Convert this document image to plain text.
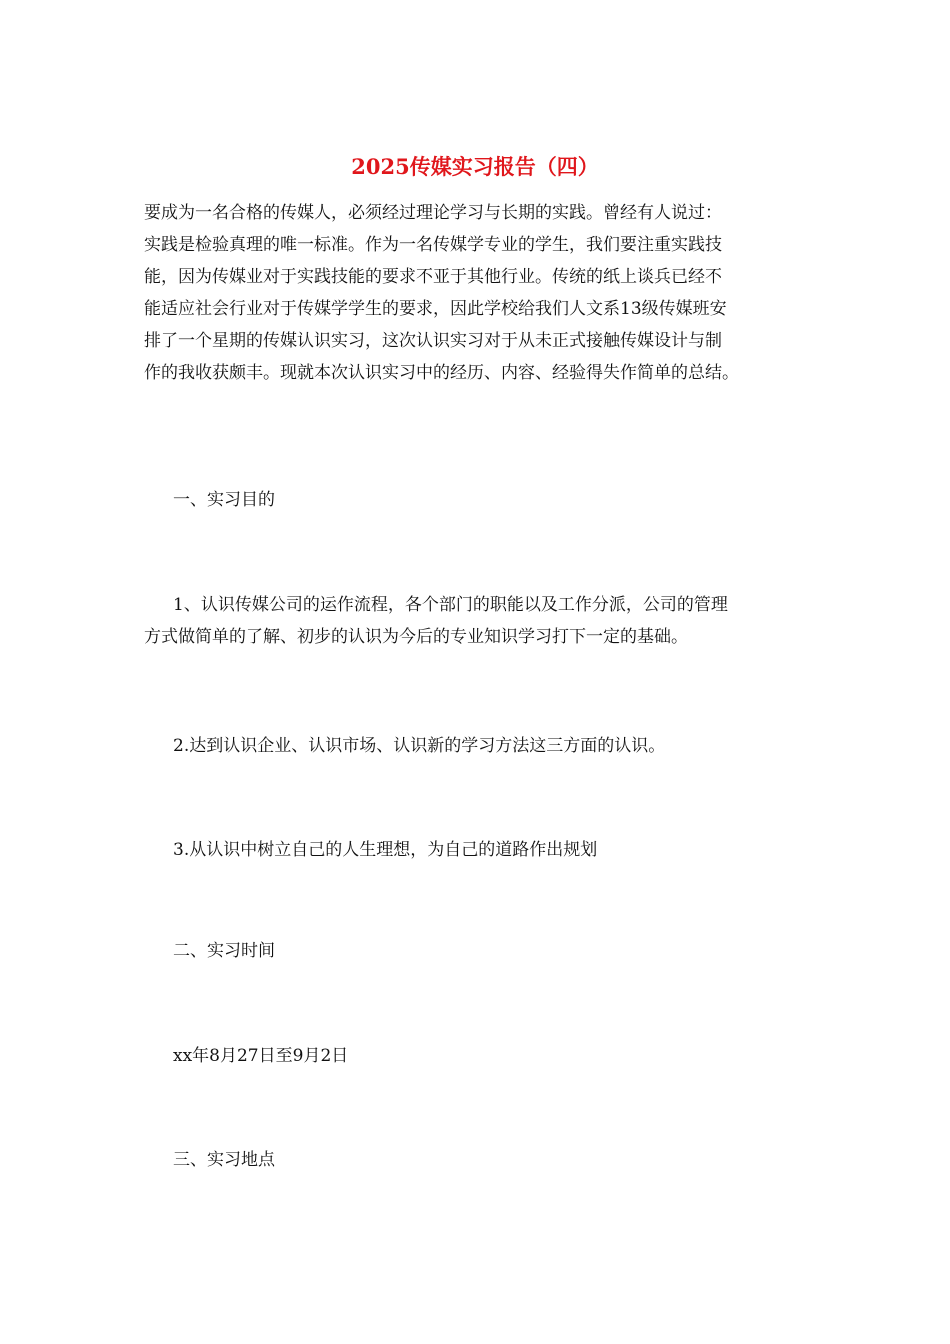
2025传媒实习报告（四）
要成为一名合格的传媒人，必须经过理论学习与长期的实践。曾经有人说过：
实践是检验真理的唯一标准。作为一名传媒学专业的学生，我们要注重实践技
能，因为传媒业对于实践技能的要求不亚于其他行业。传统的纸上谈兵已经不
能适应社会行业对于传媒学学生的要求，因此学校给我们人文系13级传媒班安
排了一个星期的传媒认识实习，这次认识实习对于从未正式接触传媒设计与制
作的我收获颇丰。现就本次认识实习中的经历、内容、经验得失作简单的总结。
一、实习目的
1、认识传媒公司的运作流程，各个部门的职能以及工作分派，公司的管理
方式做简单的了解、初步的认识为今后的专业知识学习打下一定的基础。
2.达到认识企业、认识市场、认识新的学习方法这三方面的认识。
3.从认识中树立自己的人生理想，为自己的道路作出规划
二、实习时间
xx年8月27日至9月2日
三、实习地点
